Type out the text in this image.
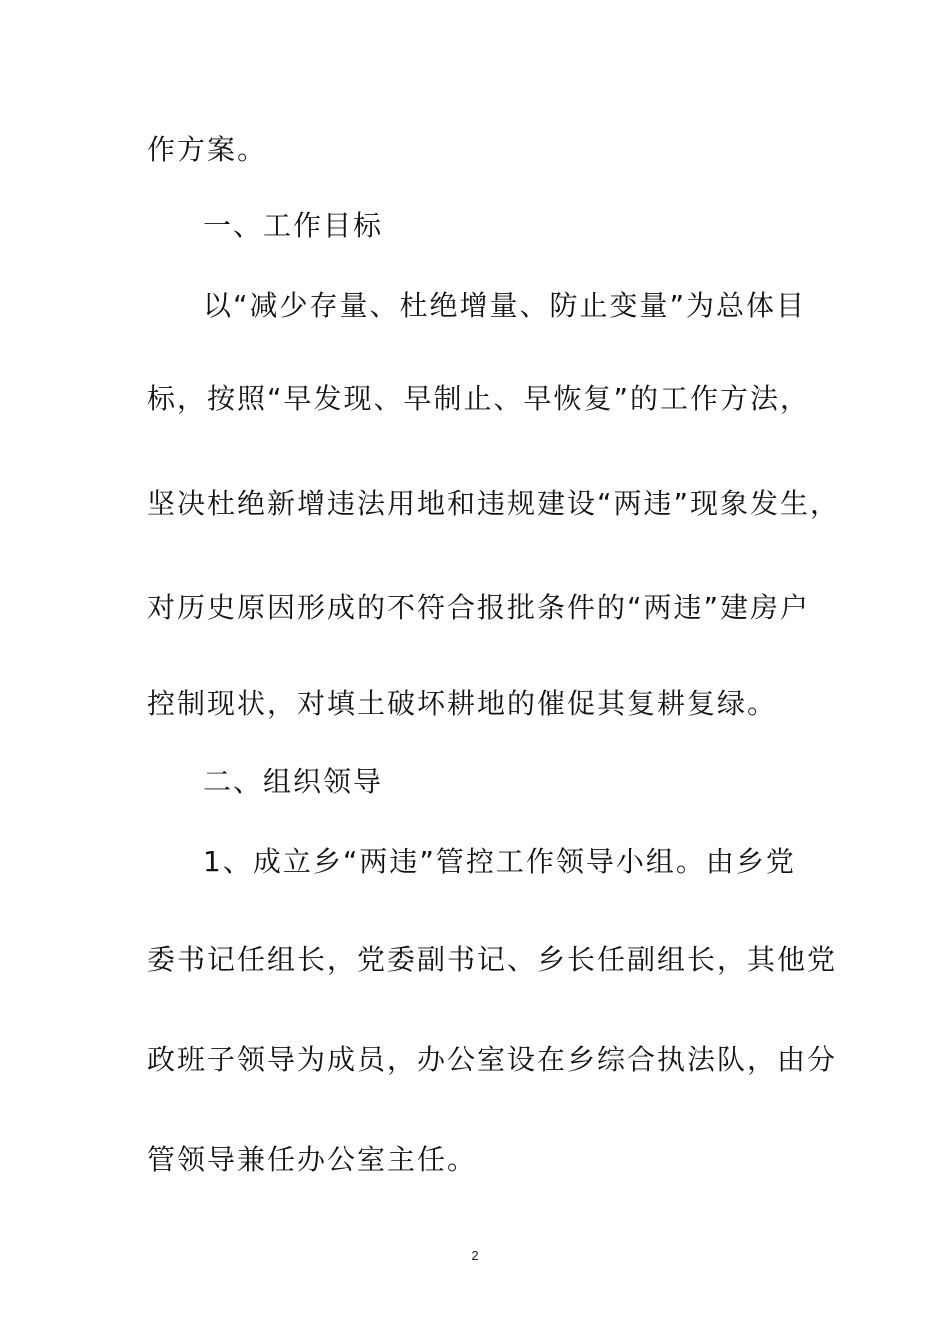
作方案。
一、工作目标
以“减少存量、杜绝增量、防止变量”为总体目
标，按照“早发现、早制止、早恢复”的工作方法，
坚决杜绝新增违法用地和违规建设“两违”现象发生，
对历史原因形成的不符合报批条件的“两违”建房户
控制现状，对填土破坏耕地的催促其复耕复绿。
二、组织领导
1、成立乡“两违”管控工作领导小组。由乡党
委书记任组长，党委副书记、乡长任副组长，其他党
政班子领导为成员，办公室设在乡综合执法队，由分
管领导兼任办公室主任。
2
